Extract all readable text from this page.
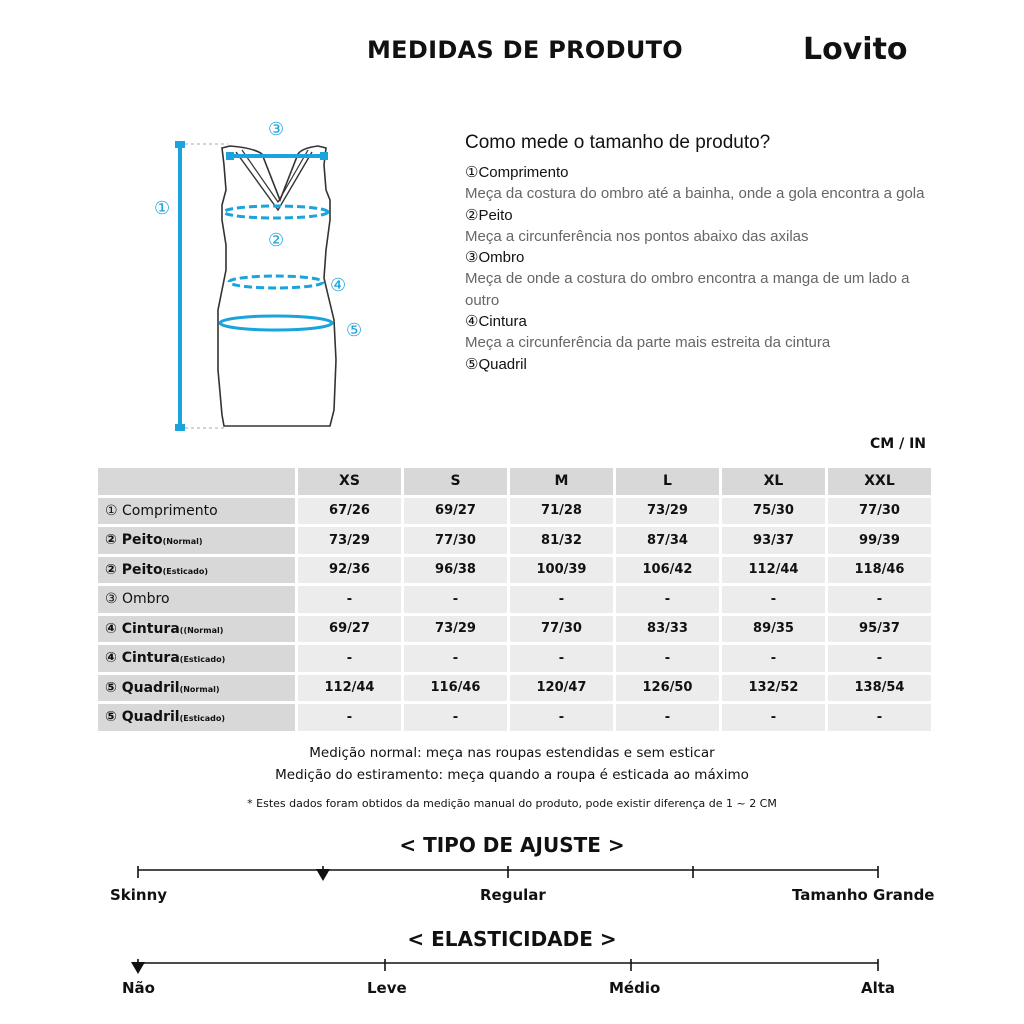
MEDIDAS DE PRODUTO	Lovito
①
②
③
④
⑤
Como mede o tamanho de produto?
①Comprimento
Meça da costura do ombro até a bainha, onde a gola encontra a gola
②Peito
Meça a circunferência nos pontos abaixo das axilas
③Ombro
Meça de onde a costura do ombro encontra a manga de um lado a outro
④Cintura
Meça a circunferência da parte mais estreita da cintura
⑤Quadril
CM / IN
	XS	S	M	L	XL	XXL
① Comprimento	67/26	69/27	71/28	73/29	75/30	77/30
② Peito(Normal)	73/29	77/30	81/32	87/34	93/37	99/39
② Peito(Esticado)	92/36	96/38	100/39	106/42	112/44	118/46
③ Ombro	-	-	-	-	-	-
④ Cintura((Normal)	69/27	73/29	77/30	83/33	89/35	95/37
④ Cintura(Esticado)	-	-	-	-	-	-
⑤ Quadril(Normal)	112/44	116/46	120/47	126/50	132/52	138/54
⑤ Quadril(Esticado)	-	-	-	-	-	-
Medição normal: meça nas roupas estendidas e sem esticar
Medição do estiramento: meça quando a roupa é esticada ao máximo
* Estes dados foram obtidos da medição manual do produto, pode existir diferença de 1 ~ 2 CM
< TIPO DE AJUSTE >
Skinny	Regular	Tamanho Grande
< ELASTICIDADE >
Não	Leve	Médio	Alta
